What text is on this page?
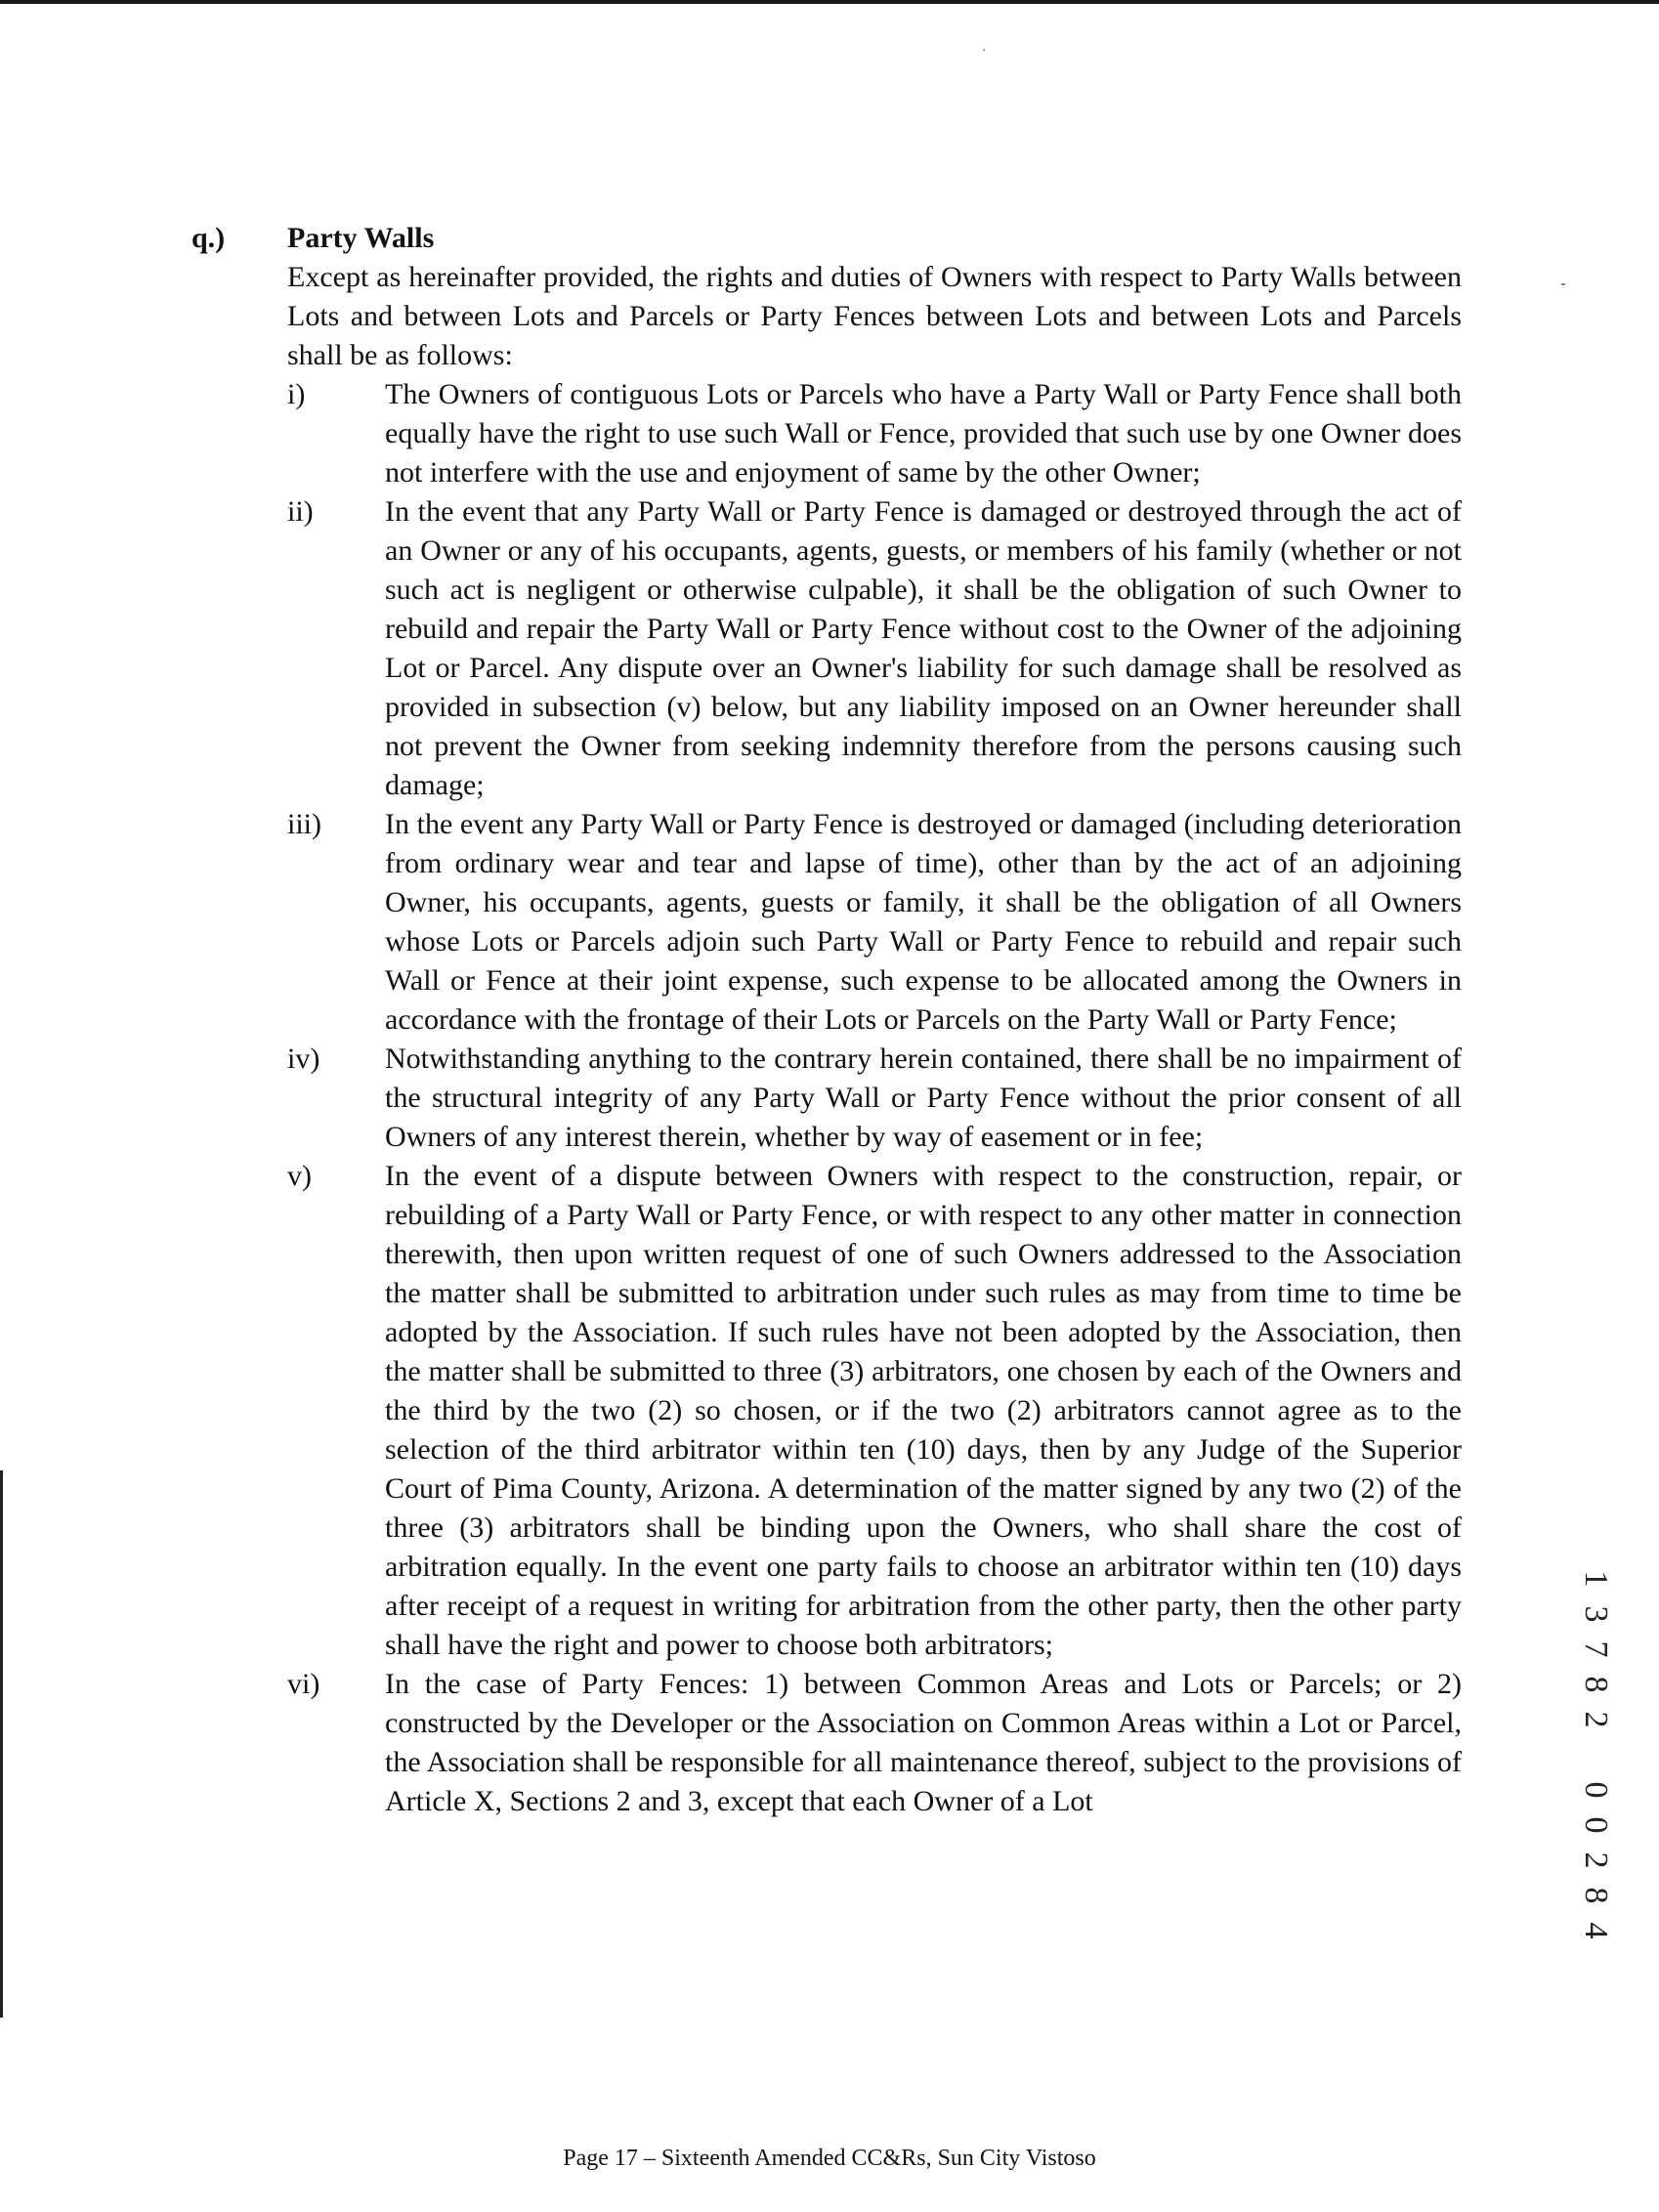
q.) Party Walls
Except as hereinafter provided, the rights and duties of Owners with respect to Party Walls between Lots and between Lots and Parcels or Party Fences between Lots and between Lots and Parcels shall be as follows:
i)	The Owners of contiguous Lots or Parcels who have a Party Wall or Party Fence shall both equally have the right to use such Wall or Fence, provided that such use by one Owner does not interfere with the use and enjoyment of same by the other Owner;
ii) In the event that any Party Wall or Party Fence is damaged or destroyed through the act of an Owner or any of his occupants, agents, guests, or members of his family (whether or not such act is negligent or otherwise culpable), it shall be the obligation of such Owner to rebuild and repair the Party Wall or Party Fence without cost to the Owner of the adjoining Lot or Parcel. Any dispute over an Owner's liability for such damage shall be resolved as provided in subsection (v) below, but any liability imposed on an Owner hereunder shall not prevent the Owner from seeking indemnity therefore from the persons causing such damage;
iii) In the event any Party Wall or Party Fence is destroyed or damaged (including deterioration from ordinary wear and tear and lapse of time), other than by the act of an adjoining Owner, his occupants, agents, guests or family, it shall be the obligation of all Owners whose Lots or Parcels adjoin such Party Wall or Party Fence to rebuild and repair such Wall or Fence at their joint expense, such expense to be allocated among the Owners in accordance with the frontage of their Lots or Parcels on the Party Wall or Party Fence;
iv) Notwithstanding anything to the contrary herein contained, there shall be no impairment of the structural integrity of any Party Wall or Party Fence without the prior consent of all Owners of any interest therein, whether by way of easement or in fee;
v)	In the event of a dispute between Owners with respect to the construction, repair, or rebuilding of a Party Wall or Party Fence, or with respect to any other matter in connection therewith, then upon written request of one of such Owners addressed to the Association the matter shall be submitted to arbitration under such rules as may from time to time be adopted by the Association. If such rules have not been adopted by the Association, then the matter shall be submitted to three (3) arbitrators, one chosen by each of the Owners and the third by the two (2) so chosen, or if the two (2) arbitrators cannot agree as to the selection of the third arbitrator within ten (10) days, then by any Judge of the Superior Court of Pima County, Arizona. A determination of the matter signed by any two (2) of the three (3) arbitrators shall be binding upon the Owners, who shall share the cost of arbitration equally. In the event one party fails to choose an arbitrator within ten (10) days after receipt of a request in writing for arbitration from the other party, then the other party shall have the right and power to choose both arbitrators;
vi) In the case of Party Fences: 1) between Common Areas and Lots or Parcels; or 2) constructed by the Developer or the Association on Common Areas within a Lot or Parcel, the Association shall be responsible for all maintenance thereof, subject to the provisions of Article X, Sections 2 and 3, except that each Owner of a Lot
1
3
7
8
2
0
0
2
8
4
Page 17 – Sixteenth Amended CC&Rs, Sun City Vistoso
